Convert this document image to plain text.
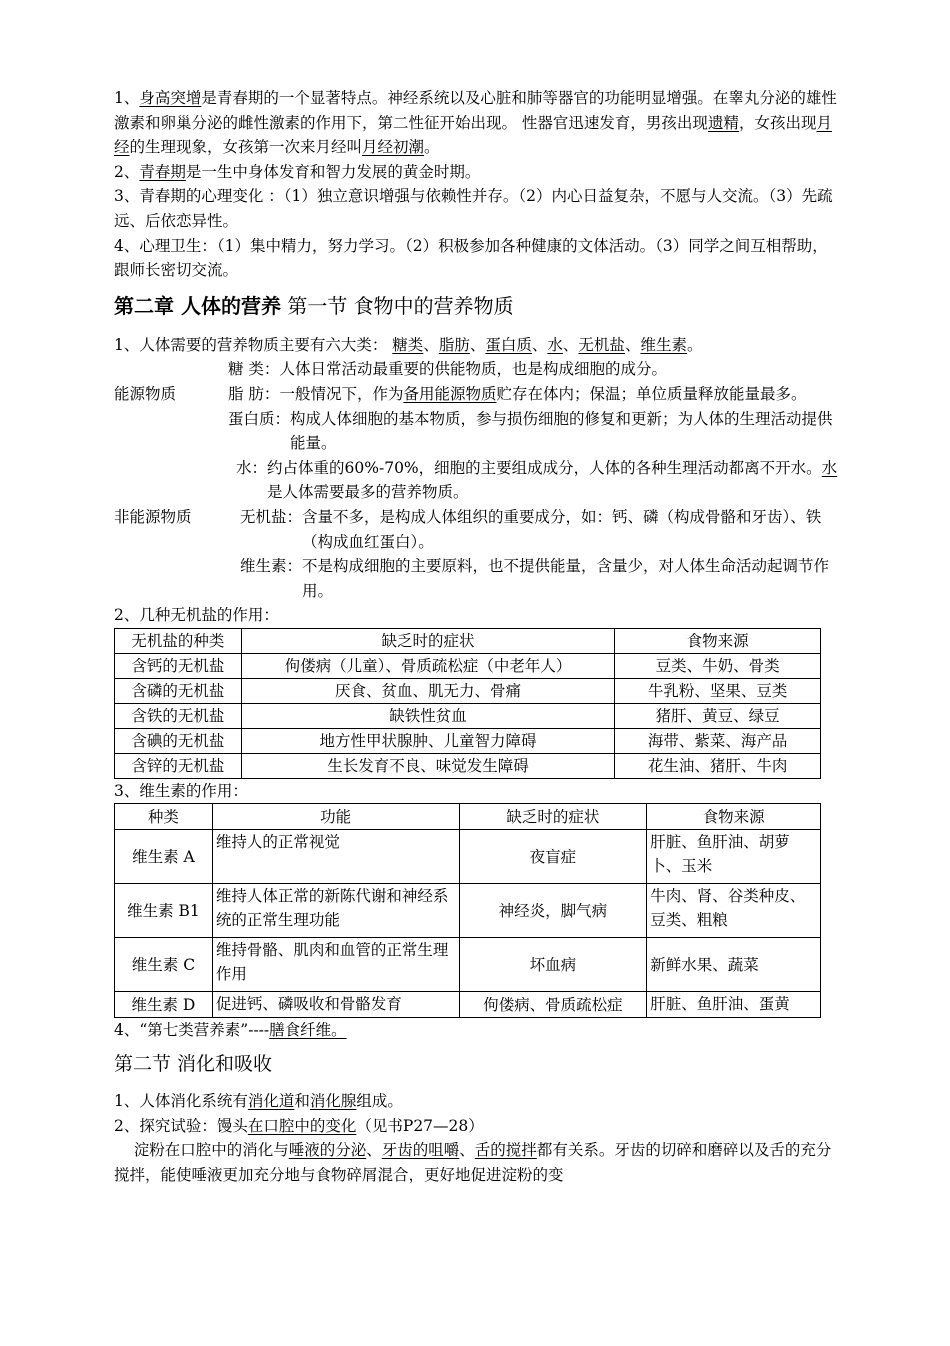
1、身高突增是青春期的一个显著特点。神经系统以及心脏和肺等器官的功能明显增强。在睾丸分泌的雄性激素和卵巢分泌的雌性激素的作用下，第二性征开始出现。 性器官迅速发育，男孩出现遗精，女孩出现月经的生理现象，女孩第一次来月经叫月经初潮。

2、青春期是一生中身体发育和智力发展的黄金时期。

3、青春期的心理变化 ：（1）独立意识增强与依赖性并存。（2）内心日益复杂，不愿与人交流。（3）先疏远、后依恋异性。

4、心理卫生：（1）集中精力，努力学习。（2）积极参加各种健康的文体活动。（3）同学之间互相帮助，跟师长密切交流。

第二章 人体的营养 第一节 食物中的营养物质

1、人体需要的营养物质主要有六大类： 糖类、脂肪、蛋白质、水、无机盐、维生素。

能源物质
糖 类： 人体日常活动最重要的供能物质，也是构成细胞的成分。
脂 肪： 一般情况下，作为备用能源物质贮存在体内；保温；单位质量释放能量最多。
蛋白质： 构成人体细胞的基本物质，参与损伤细胞的修复和更新；为人体的生理活动提供能量。
水： 约占体重的60%-70%，细胞的主要组成成分，人体的各种生理活动都离不开水。水是人体需要最多的营养物质。
非能源物质	无机盐： 含量不多，是构成人体组织的重要成分，如：钙、磷（构成骨骼和牙齿）、铁（构成血红蛋白）。
维生素： 不是构成细胞的主要原料，也不提供能量，含量少，对人体生命活动起调节作用。

2、几种无机盐的作用：

无机盐的种类	缺乏时的症状	食物来源
含钙的无机盐	佝偻病（儿童）、骨质疏松症（中老年人）	豆类、牛奶、骨类
含磷的无机盐	厌食、贫血、肌无力、骨痛	牛乳粉、坚果、豆类
含铁的无机盐	缺铁性贫血	猪肝、黄豆、绿豆
含碘的无机盐	地方性甲状腺肿、儿童智力障碍	海带、紫菜、海产品
含锌的无机盐	生长发育不良、味觉发生障碍	花生油、猪肝、牛肉

3、维生素的作用：

种类	功能	缺乏时的症状	食物来源
维生素 A	维持人的正常视觉	夜盲症	肝脏、鱼肝油、胡萝卜、玉米
维生素 B1	维持人体正常的新陈代谢和神经系统的正常生理功能	神经炎，脚气病	牛肉、肾、谷类种皮、豆类、粗粮
维生素 C	维持骨骼、肌肉和血管的正常生理作用	坏血病	新鲜水果、蔬菜
维生素 D	促进钙、磷吸收和骨骼发育	佝偻病、骨质疏松症	肝脏、鱼肝油、蛋黄

4、“第七类营养素”----膳食纤维。

第二节 消化和吸收

1、人体消化系统有消化道和消化腺组成。

2、探究试验：馒头在口腔中的变化（见书P27—28）

淀粉在口腔中的消化与唾液的分泌、牙齿的咀嚼、舌的搅拌都有关系。牙齿的切碎和磨碎以及舌的充分搅拌，能使唾液更加充分地与食物碎屑混合，更好地促进淀粉的变
